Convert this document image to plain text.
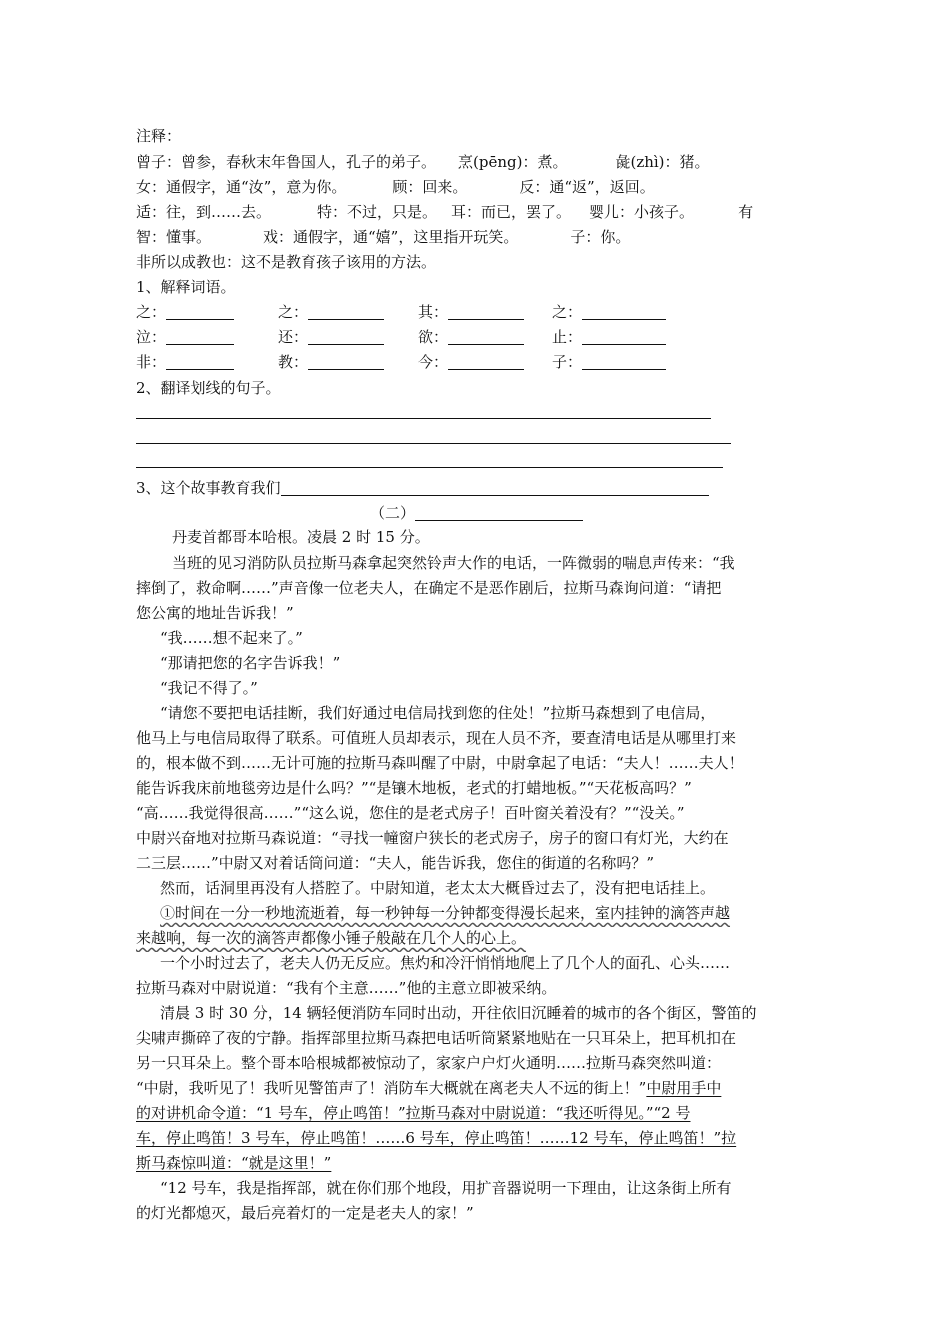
注释：
曾子：曾参，春秋末年鲁国人，孔子的弟子。 烹(pēng)：煮。	彘(zhì)：猪。
女：通假字，通“汝”，意为你。	顾：回来。	反：通“返”，返回。
适：往，到……去。	特：不过，只是。 耳：而已，罢了。 婴儿：小孩子。	有
智：懂事。	戏：通假字，通“嬉”，这里指开玩笑。	子：你。
非所以成教也：这不是教育孩子该用的方法。
1、解释词语。
之：	之：	其：	之：
泣：	还：	欲：	止：
非：	教：	今：	子：
2、翻译划线的句子。
3、这个故事教育我们
（二）
丹麦首都哥本哈根。凌晨 2 时 15 分。
当班的见习消防队员拉斯马森拿起突然铃声大作的电话，一阵微弱的喘息声传来：“我
摔倒了，救命啊……”声音像一位老夫人，在确定不是恶作剧后，拉斯马森询问道：“请把
您公寓的地址告诉我！”
“我……想不起来了。”
“那请把您的名字告诉我！”
“我记不得了。”
“请您不要把电话挂断，我们好通过电信局找到您的住处！”拉斯马森想到了电信局，
他马上与电信局取得了联系。可值班人员却表示，现在人员不齐，要查清电话是从哪里打来
的，根本做不到……无计可施的拉斯马森叫醒了中尉，中尉拿起了电话：“夫人！……夫人！
能告诉我床前地毯旁边是什么吗？”“是镶木地板，老式的打蜡地板。”“天花板高吗？”
“高……我觉得很高……”“这么说，您住的是老式房子！百叶窗关着没有？”“没关。”
中尉兴奋地对拉斯马森说道：“寻找一幢窗户狭长的老式房子，房子的窗口有灯光，大约在
二三层……”中尉又对着话筒问道：“夫人，能告诉我，您住的街道的名称吗？”
然而，话洞里再没有人搭腔了。中尉知道，老太太大概昏过去了，没有把电话挂上。
①时间在一分一秒地流逝着，每一秒钟每一分钟都变得漫长起来，室内挂钟的滴答声越
来越响，每一次的滴答声都像小锤子般敲在几个人的心上。
一个小时过去了，老夫人仍无反应。焦灼和冷汗悄悄地爬上了几个人的面孔、心头……
拉斯马森对中尉说道：“我有个主意……”他的主意立即被采纳。
清晨 3 时 30 分，14 辆轻便消防车同时出动，开往依旧沉睡着的城市的各个街区，警笛的
尖啸声撕碎了夜的宁静。指挥部里拉斯马森把电话听筒紧紧地贴在一只耳朵上，把耳机扣在
另一只耳朵上。整个哥本哈根城都被惊动了，家家户户灯火通明……拉斯马森突然叫道：
“中尉，我听见了！我听见警笛声了！消防车大概就在离老夫人不远的街上！”中尉用手中
的对讲机命令道：“1 号车，停止鸣笛！”拉斯马森对中尉说道：“我还听得见。”“2 号
车，停止鸣笛！3 号车，停止鸣笛！……6 号车，停止鸣笛！……12 号车，停止鸣笛！”拉
斯马森惊叫道：“就是这里！”
“12 号车，我是指挥部，就在你们那个地段，用扩音器说明一下理由，让这条街上所有
的灯光都熄灭，最后亮着灯的一定是老夫人的家！”
